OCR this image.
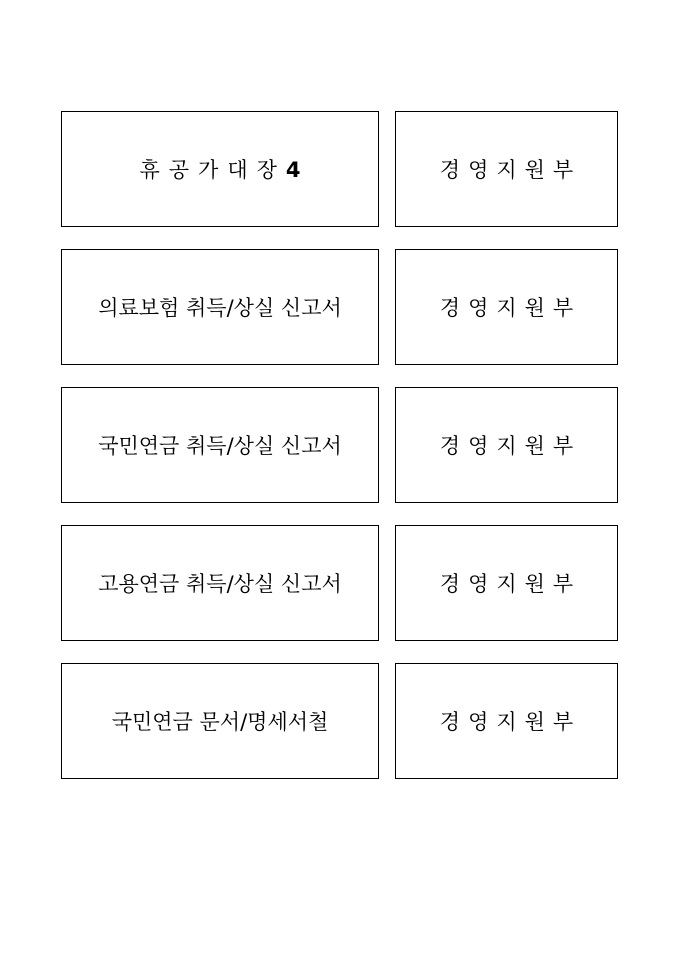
휴공가대장4	경영지원부
의료보험 취득/상실 신고서	경영지원부
국민연금 취득/상실 신고서	경영지원부
고용연금 취득/상실 신고서	경영지원부
국민연금 문서/명세서철	경영지원부
